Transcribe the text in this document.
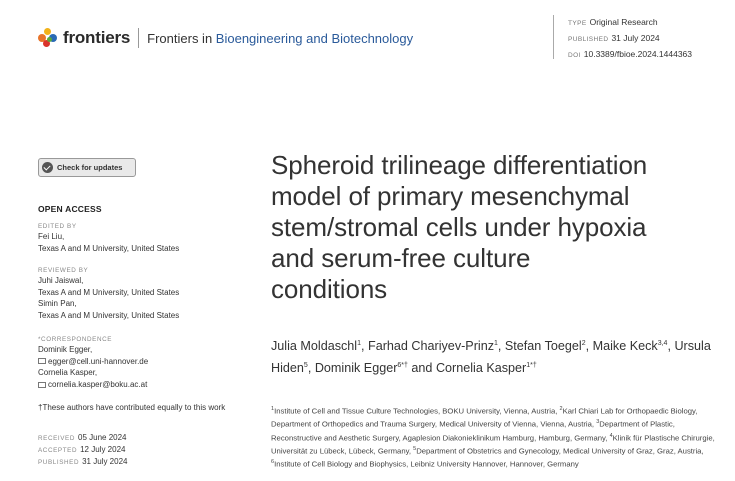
frontiers Frontiers in Bioengineering and Biotechnology
TYPE Original Research
PUBLISHED 31 July 2024
DOI 10.3389/fbioe.2024.1444363
Check for updates
OPEN ACCESS
EDITED BY
Fei Liu,
Texas A and M University, United States
REVIEWED BY
Juhi Jaiswal,
Texas A and M University, United States
Simin Pan,
Texas A and M University, United States
*CORRESPONDENCE
Dominik Egger,
egger@cell.uni-hannover.de
Cornelia Kasper,
cornelia.kasper@boku.ac.at
†These authors have contributed equally to this work
RECEIVED 05 June 2024
ACCEPTED 12 July 2024
PUBLISHED 31 July 2024
Spheroid trilineage differentiation
model of primary mesenchymal
stem/stromal cells under hypoxia
and serum-free culture
conditions
Julia Moldaschl$^1$, Farhad Chariyev-Prinz$^1$, Stefan Toegel$^2$, Maike Keck$^{3,4}$, Ursula Hiden$^5$, Dominik Egger$^{6*\dagger}$ and Cornelia Kasper$^{1*\dagger}$
$^1$Institute of Cell and Tissue Culture Technologies, BOKU University, Vienna, Austria, $^2$Karl Chiari Lab for Orthopaedic Biology, Department of Orthopedics and Trauma Surgery, Medical University of Vienna, Vienna, Austria, $^3$Department of Plastic, Reconstructive and Aesthetic Surgery, Agaplesion Diakonieklinikum Hamburg, Hamburg, Germany, $^4$Klinik für Plastische Chirurgie, Universität zu Lübeck, Lübeck, Germany, $^5$Department of Obstetrics and Gynecology, Medical University of Graz, Graz, Austria, $^6$Institute of Cell Biology and Biophysics, Leibniz University Hannover, Hannover, Germany
